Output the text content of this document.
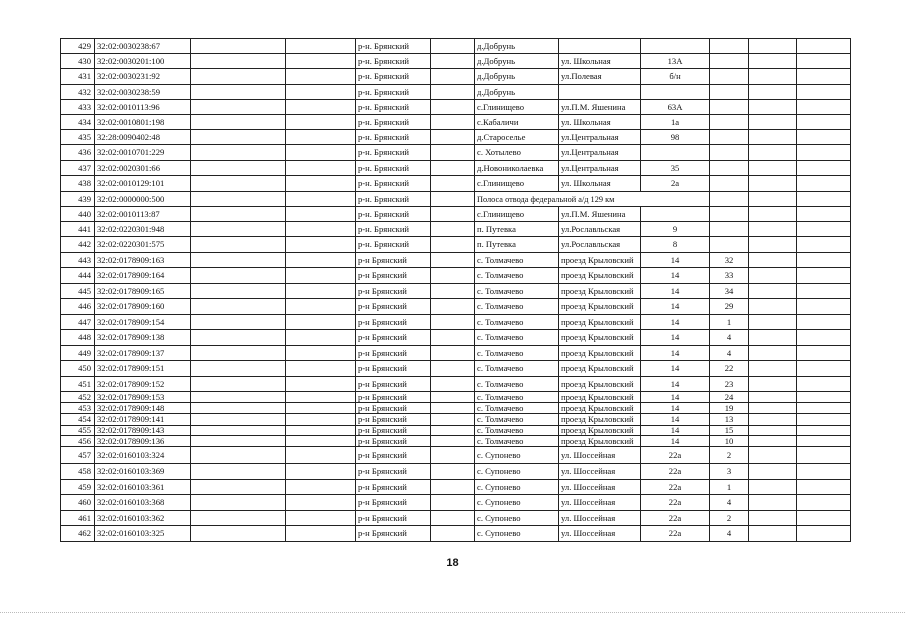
429	32:02:0030238:67			р-н. Брянский		д.Добрунь					
430	32:02:0030201:100			р-н. Брянский		д.Добрунь	ул. Школьная	13А			
431	32:02:0030231:92			р-н. Брянский		д.Добрунь	ул.Полевая	б/н			
432	32:02:0030238:59			р-н. Брянский		д.Добрунь					
433	32:02:0010113:96			р-н. Брянский		с.Глинищево	ул.П.М. Яшенина	63А			
434	32:02:0010801:198			р-н. Брянский		с.Кабаличи	ул. Школьная	1а			
435	32:28:0090402:48			р-н. Брянский		д.Староселье	ул.Центральная	98			
436	32:02:0010701:229			р-н. Брянский		с. Хотылево	ул.Центральная				
437	32:02:0020301:66			р-н. Брянский		д.Новониколаевка	ул.Центральная	35			
438	32:02:0010129:101			р-н. Брянский		с.Глинищево	ул. Школьная	2а			
439	32:02:0000000:500			р-н. Брянский		Полоса отвода федеральной а/д 129 км					
440	32:02:0010113:87			р-н. Брянский		с.Глинищево	ул.П.М. Яшенина				
441	32:02:0220301:948			р-н. Брянский		п. Путевка	ул.Рославльская	9			
442	32:02:0220301:575			р-н. Брянский		п. Путевка	ул.Рославльская	8			
443	32:02:0178909:163			р-н Брянский		с. Толмачево	проезд Крыловский	14	32		
444	32:02:0178909:164			р-н Брянский		с. Толмачево	проезд Крыловский	14	33		
445	32:02:0178909:165			р-н Брянский		с. Толмачево	проезд Крыловский	14	34		
446	32:02:0178909:160			р-н Брянский		с. Толмачево	проезд Крыловский	14	29		
447	32:02:0178909:154			р-н Брянский		с. Толмачево	проезд Крыловский	14	1		
448	32:02:0178909:138			р-н Брянский		с. Толмачево	проезд Крыловский	14	4		
449	32:02:0178909:137			р-н Брянский		с. Толмачево	проезд Крыловский	14	4		
450	32:02:0178909:151			р-н Брянский		с. Толмачево	проезд Крыловский	14	22		
451	32:02:0178909:152			р-н Брянский		с. Толмачево	проезд Крыловский	14	23		
452	32:02:0178909:153			р-н Брянский		с. Толмачево	проезд Крыловский	14	24		
453	32:02:0178909:148			р-н Брянский		с. Толмачево	проезд Крыловский	14	19		
454	32:02:0178909:141			р-н Брянский		с. Толмачево	проезд Крыловский	14	13		
455	32:02:0178909:143			р-н Брянский		с. Толмачево	проезд Крыловский	14	15		
456	32:02:0178909:136			р-н Брянский		с. Толмачево	проезд Крыловский	14	10		
457	32:02:0160103:324			р-н Брянский		с. Супонево	ул. Шоссейная	22а	2		
458	32:02:0160103:369			р-н Брянский		с. Супонево	ул. Шоссейная	22а	3		
459	32:02:0160103:361			р-н Брянский		с. Супонево	ул. Шоссейная	22а	1		
460	32:02:0160103:368			р-н Брянский		с. Супонево	ул. Шоссейная	22а	4		
461	32:02:0160103:362			р-н Брянский		с. Супонево	ул. Шоссейная	22а	2		
462	32:02:0160103:325			р-н Брянский		с. Супонево	ул. Шоссейная	22а	4		
18
